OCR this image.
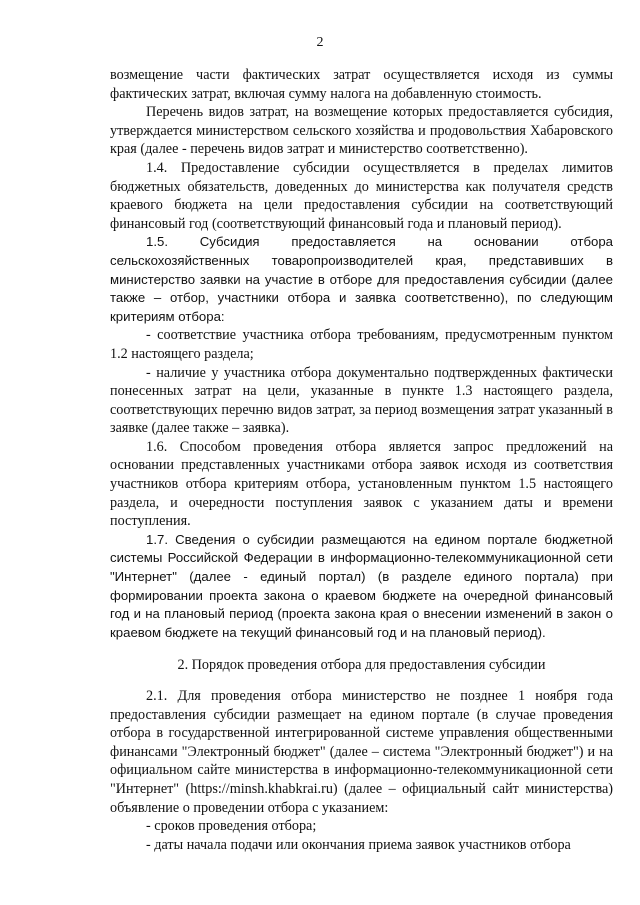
2

возмещение части фактических затрат осуществляется исходя из суммы фактических затрат, включая сумму налога на добавленную стоимость.

Перечень видов затрат, на возмещение которых предоставляется субсидия, утверждается министерством сельского хозяйства и продовольствия Хабаровского края (далее - перечень видов затрат и министерство соответственно).

1.4. Предоставление субсидии осуществляется в пределах лимитов бюджетных обязательств, доведенных до министерства как получателя средств краевого бюджета на цели предоставления субсидии на соответствующий финансовый год (соответствующий финансовый года и плановый период).

1.5. Субсидия предоставляется на основании отбора сельскохозяйственных товаропроизводителей края, представивших в министерство заявки на участие в отборе для предоставления субсидии (далее также – отбор, участники отбора и заявка соответственно), по следующим критериям отбора:

- соответствие участника отбора требованиям, предусмотренным пунктом 1.2 настоящего раздела;

- наличие у участника отбора документально подтвержденных фактически понесенных затрат на цели, указанные в пункте 1.3 настоящего раздела, соответствующих перечню видов затрат, за период возмещения затрат указанный в заявке (далее также – заявка).

1.6. Способом проведения отбора является запрос предложений на основании представленных участниками отбора заявок исходя из соответствия участников отбора критериям отбора, установленным пунктом 1.5 настоящего раздела, и очередности поступления заявок с указанием даты и времени поступления.

1.7. Сведения о субсидии размещаются на едином портале бюджетной системы Российской Федерации в информационно-телекоммуникационной сети "Интернет" (далее - единый портал) (в разделе единого портала) при формировании проекта закона о краевом бюджете на очередной финансовый год и на плановый период (проекта закона края о внесении изменений в закон о краевом бюджете на текущий финансовый год и на плановый период).

2. Порядок проведения отбора для предоставления субсидии

2.1. Для проведения отбора министерство не позднее 1 ноября года предоставления субсидии размещает на едином портале (в случае проведения отбора в государственной интегрированной системе управления общественными финансами "Электронный бюджет" (далее – система "Электронный бюджет") и на официальном сайте министерства в информационно-телекоммуникационной сети "Интернет" (https://minsh.khabkrai.ru) (далее – официальный сайт министерства) объявление о проведении отбора с указанием:

- сроков проведения отбора;

- даты начала подачи или окончания приема заявок участников отбора
